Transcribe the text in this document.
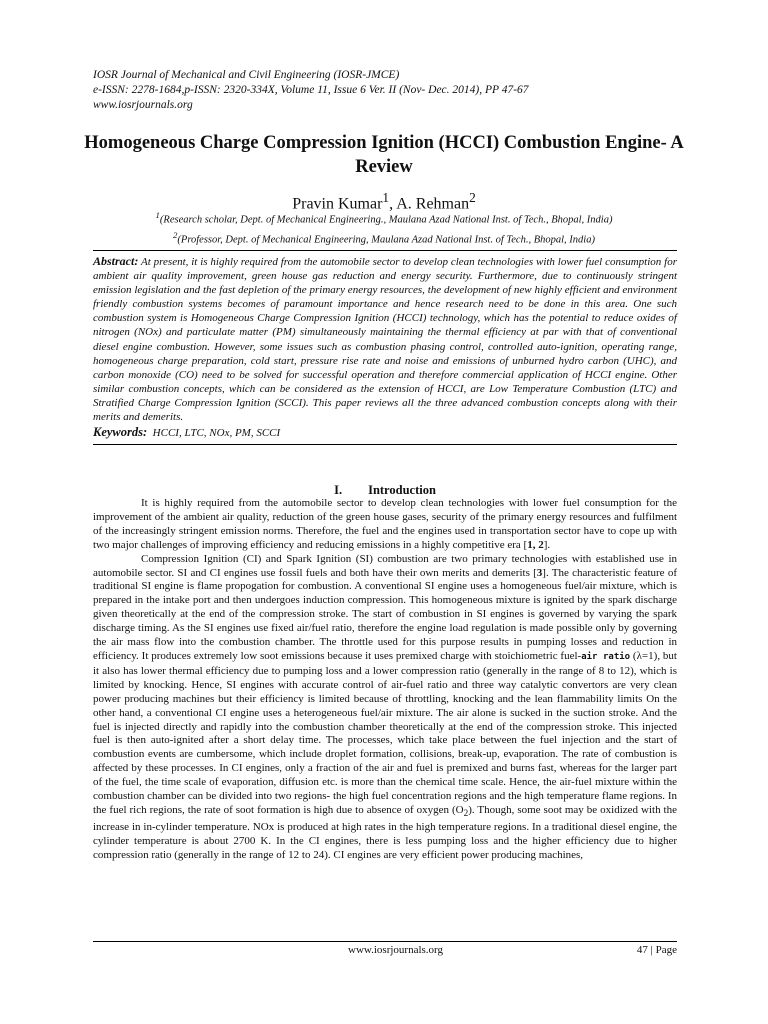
IOSR Journal of Mechanical and Civil Engineering (IOSR-JMCE)
e-ISSN: 2278-1684,p-ISSN: 2320-334X, Volume 11, Issue 6 Ver. II (Nov- Dec. 2014), PP 47-67
www.iosrjournals.org
Homogeneous Charge Compression Ignition (HCCI) Combustion Engine- A Review
Pravin Kumar$^1$, A. Rehman$^2$
$^1$(Research scholar, Dept. of Mechanical Engineering., Maulana Azad National Inst. of Tech., Bhopal, India)
$^2$(Professor, Dept. of Mechanical Engineering, Maulana Azad National Inst. of Tech., Bhopal, India)

Abstract: At present, it is highly required from the automobile sector to develop clean technologies with lower fuel consumption for ambient air quality improvement, green house gas reduction and energy security. Furthermore, due to continuously stringent emission legislation and the fast depletion of the primary energy resources, the development of new highly efficient and environment friendly combustion systems becomes of paramount importance and hence research need to be done in this area. One such combustion system is Homogeneous Charge Compression Ignition (HCCI) technology, which has the potential to reduce oxides of nitrogen (NOx) and particulate matter (PM) simultaneously maintaining the thermal efficiency at par with that of conventional diesel engine combustion. However, some issues such as combustion phasing control, controlled auto-ignition, operating range, homogeneous charge preparation, cold start, pressure rise rate and noise and emissions of unburned hydro carbon (UHC), and carbon monoxide (CO) need to be solved for successful operation and therefore commercial application of HCCI engine. Other similar combustion concepts, which can be considered as the extension of HCCI, are Low Temperature Combustion (LTC) and Stratified Charge Compression Ignition (SCCI). This paper reviews all the three advanced combustion concepts along with their merits and demerits.

Keywords: HCCI, LTC, NOx, PM, SCCI
I. Introduction

It is highly required from the automobile sector to develop clean technologies with lower fuel consumption for the improvement of the ambient air quality, reduction of the green house gases, security of the primary energy resources and fulfilment of the increasingly stringent emission norms. Therefore, the fuel and the engines used in transportation sector have to cope up with two major challenges of improving efficiency and reducing emissions in a highly competitive era [1, 2].

Compression Ignition (CI) and Spark Ignition (SI) combustion are two primary technologies with established use in automobile sector. SI and CI engines use fossil fuels and both have their own merits and demerits [3]. The characteristic feature of traditional SI engine is flame propogation for combustion. A conventional SI engine uses a homogeneous fuel/air mixture, which is prepared in the intake port and then undergoes induction compression. This homogeneous mixture is ignited by the spark discharge given theoretically at the end of the compression stroke. The start of combustion in SI engines is governed by varying the spark discharge timing. As the SI engines use fixed air/fuel ratio, therefore the engine load regulation is made possible only by governing the air mass flow into the combustion chamber. The throttle used for this purpose results in pumping losses and reduction in efficiency. It produces extremely low soot emissions because it uses premixed charge with stoichiometric fuel-air ratio (λ=1), but it also has lower thermal efficiency due to pumping loss and a lower compression ratio (generally in the range of 8 to 12), which is limited by knocking. Hence, SI engines with accurate control of air-fuel ratio and three way catalytic convertors are very clean power producing machines but their efficiency is limited because of throttling, knocking and the lean flammability limits On the other hand, a conventional CI engine uses a heterogeneous fuel/air mixture. The air alone is sucked in the suction stroke. And the fuel is injected directly and rapidly into the combustion chamber theoretically at the end of the compression stroke. This injected fuel is then auto-ignited after a short delay time. The processes, which take place between the fuel injection and the start of combustion events are cumbersome, which include droplet formation, collisions, break-up, evaporation. The rate of combustion is affected by these processes. In CI engines, only a fraction of the air and fuel is premixed and burns fast, whereas for the larger part of the fuel, the time scale of evaporation, diffusion etc. is more than the chemical time scale. Hence, the air-fuel mixture within the combustion chamber can be divided into two regions- the high fuel concentration regions and the high temperature flame regions. In the fuel rich regions, the rate of soot formation is high due to absence of oxygen $(O_2)$. Though, some soot may be oxidized with the increase in in-cylinder temperature. NOx is produced at high rates in the high temperature regions. In a traditional diesel engine, the cylinder temperature is about 2700 K. In the CI engines, there is less pumping loss and the higher efficiency due to higher compression ratio (generally in the range of 12 to 24). CI engines are very efficient power producing machines,

www.iosrjournals.org	47 | Page
